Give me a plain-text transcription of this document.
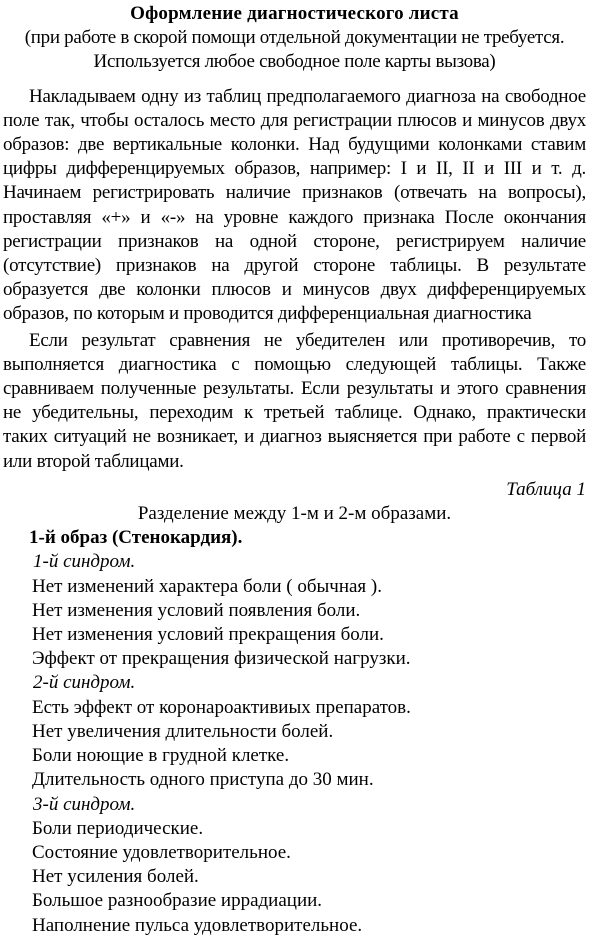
Оформление диагностического листа
(при работе в скорой помощи отдельной документации не требуется.
Используется любое свободное поле карты вызова)

Накладываем одну из таблиц предполагаемого диагноза на свободное поле так, чтобы осталось место для регистрации плюсов и минусов двух образов: две вертикальные колонки. Над будущими колонками ставим цифры дифференцируемых образов, например: I и II, II и III и т. д. Начинаем регистрировать наличие признаков (отвечать на вопросы), проставляя «+» и «-» на уровне каждого признака После окончания регистрации признаков на одной стороне, регистрируем наличие (отсутствие) признаков на другой стороне таблицы. В результате образуется две колонки плюсов и минусов двух дифференцируемых образов, по которым и проводится дифференциальная диагностика

Если результат сравнения не убедителен или противоречив, то выполняется диагностика с помощью следующей таблицы. Также сравниваем полученные результаты. Если результаты и этого сравнения не убедительны, переходим к третьей таблице. Однако, практически таких ситуаций не возникает, и диагноз выясняется при работе с первой или второй таблицами.

Таблица 1
Разделение между 1-м и 2-м образами.
1-й образ (Стенокардия).
1-й синдром.
Нет изменений характера боли ( обычная ).
Нет изменения условий появления боли.
Нет изменения условий прекращения боли.
Эффект от прекращения физической нагрузки.
2-й синдром.
Есть эффект от коронароактивиых препаратов.
Нет увеличения длительности болей.
Боли ноющие в грудной клетке.
Длительность одного приступа до 30 мин.
3-й синдром.
Боли периодические.
Состояние удовлетворительное.
Нет усиления болей.
Большое разнообразие иррадиации.
Наполнение пульса удовлетворительное.
